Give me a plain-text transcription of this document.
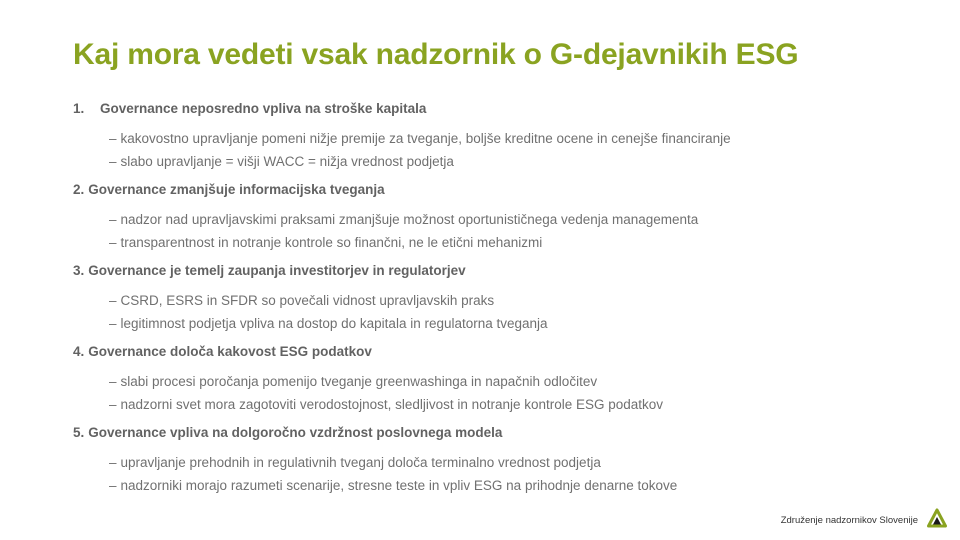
Kaj mora vedeti vsak nadzornik o G-dejavnikih ESG
1. Governance neposredno vpliva na stroške kapitala
– kakovostno upravljanje pomeni nižje premije za tveganje, boljše kreditne ocene in cenejše financiranje
– slabo upravljanje = višji WACC = nižja vrednost podjetja
2. Governance zmanjšuje informacijska tveganja
– nadzor nad upravljavskimi praksami zmanjšuje možnost oportunističnega vedenja managementa
– transparentnost in notranje kontrole so finančni, ne le etični mehanizmi
3. Governance je temelj zaupanja investitorjev in regulatorjev
– CSRD, ESRS in SFDR so povečali vidnost upravljavskih praks
– legitimnost podjetja vpliva na dostop do kapitala in regulatorna tveganja
4. Governance določa kakovost ESG podatkov
– slabi procesi poročanja pomenijo tveganje greenwashinga in napačnih odločitev
– nadzorni svet mora zagotoviti verodostojnost, sledljivost in notranje kontrole ESG podatkov
5. Governance vpliva na dolgoročno vzdržnost poslovnega modela
– upravljanje prehodnih in regulativnih tveganj določa terminalno vrednost podjetja
– nadzorniki morajo razumeti scenarije, stresne teste in vpliv ESG na prihodnje denarne tokove
Združenje nadzornikov Slovenije
